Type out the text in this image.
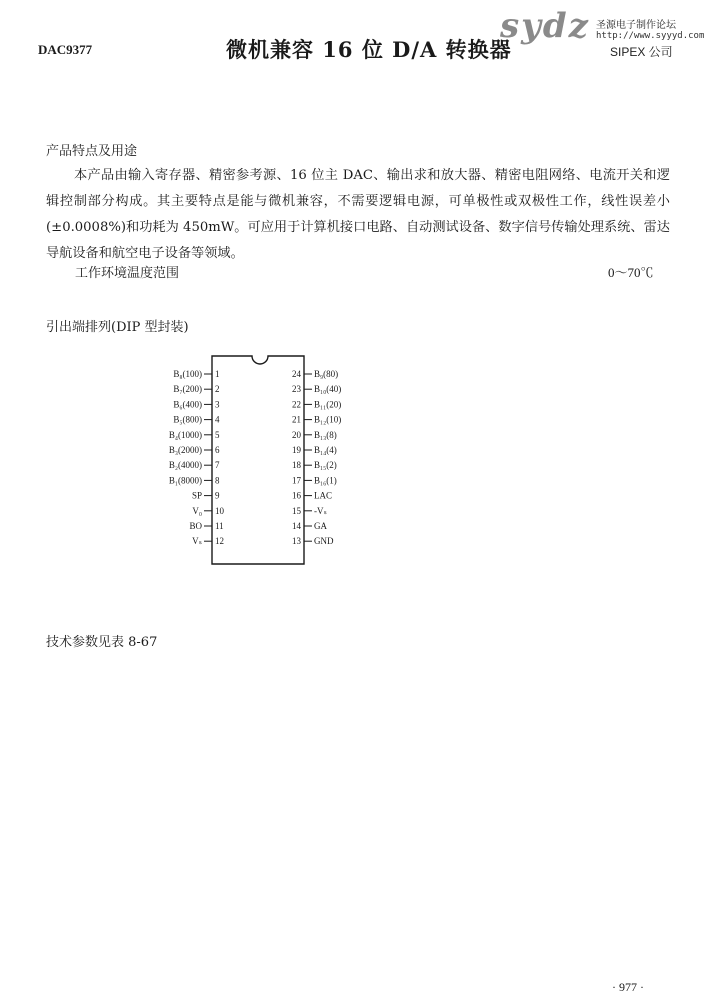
DAC9377	微机兼容 16 位 D/A 转换器
sydz 圣源电子制作论坛
http://www.syyyd.com
SIPEX 公司
产品特点及用途
本产品由输入寄存器、精密参考源、16 位主 DAC、输出求和放大器、精密电阻网络、电流开关和逻辑控制部分构成。其主要特点是能与微机兼容，不需要逻辑电源，可单极性或双极性工作，线性误差小(±0.0008%)和功耗为 450mW。可应用于计算机接口电路、自动测试设备、数字信号传输处理系统、雷达导航设备和航空电子设备等领域。
工作环境温度范围	0～70℃
引出端排列(DIP 型封装)
B₈(100) 1
B₇(200) 2
B₆(400) 3
B₅(800) 4
B₄(1000) 5
B₃(2000) 6
B₂(4000) 7
B₁(8000) 8
SP 9
V₀ 10
BO 11
Vₛ 12
24 B₉(80)
23 B₁₀(40)
22 B₁₁(20)
21 B₁₂(10)
20 B₁₃(8)
19 B₁₄(4)
18 B₁₅(2)
17 B₁₆(1)
16 LAC
15 -Vₛ
14 GA
13 GND
技术参数见表 8-67
· 977 ·
